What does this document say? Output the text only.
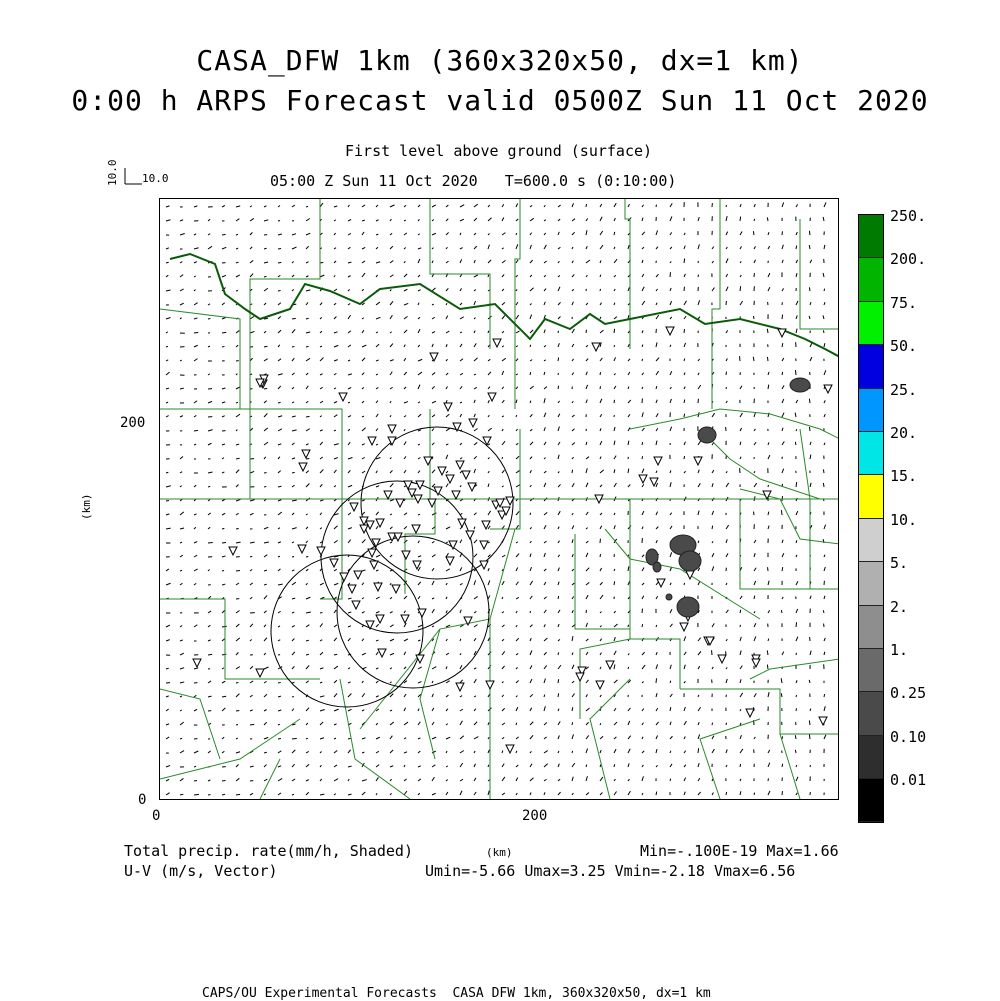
CASA_DFW 1km (360x320x50, dx=1 km)
0:00 h ARPS Forecast valid 0500Z Sun 11 Oct 2020
First level above ground (surface)
05:00 Z Sun 11 Oct 2020   T=600.0 s (0:10:00)
10.0 10.0
200
0
0	200
(km)
(km)
250.
200.
75.
50.
25.
20.
15.
10.
5.
2.
1.
0.25
0.10
0.01
Total precip. rate(mm/h, Shaded)
U-V (m/s, Vector)
Min=-.100E-19 Max=1.66
Umin=-5.66 Umax=3.25 Vmin=-2.18 Vmax=6.56
CAPS/OU Experimental Forecasts  CASA DFW 1km, 360x320x50, dx=1 km
